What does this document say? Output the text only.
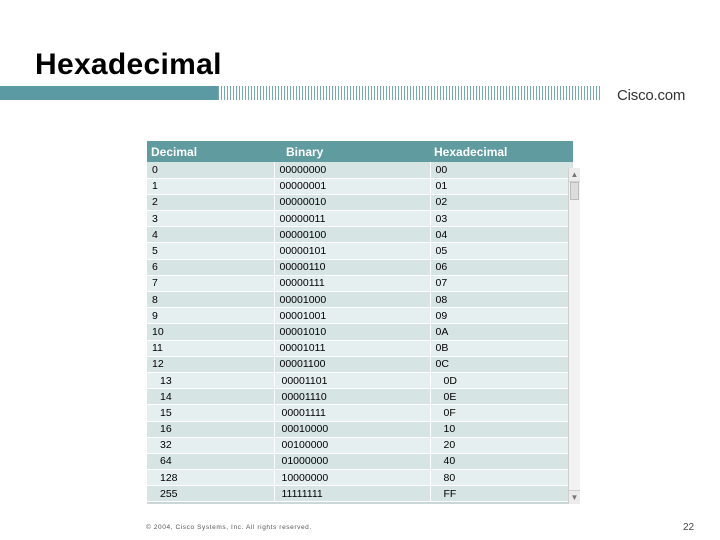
Hexadecimal
Cisco.com
Decimal	Binary	Hexadecimal
0	00000000	00
1	00000001	01
2	00000010	02
3	00000011	03
4	00000100	04
5	00000101	05
6	00000110	06
7	00000111	07
8	00001000	08
9	00001001	09
10	00001010	0A
11	00001011	0B
12	00001100	0C
13	00001101	0D
14	00001110	0E
15	00001111	0F
16	00010000	10
32	00100000	20
64	01000000	40
128	10000000	80
255	11111111	FF
▲
▼
© 2004, Cisco Systems, Inc. All rights reserved.	22
